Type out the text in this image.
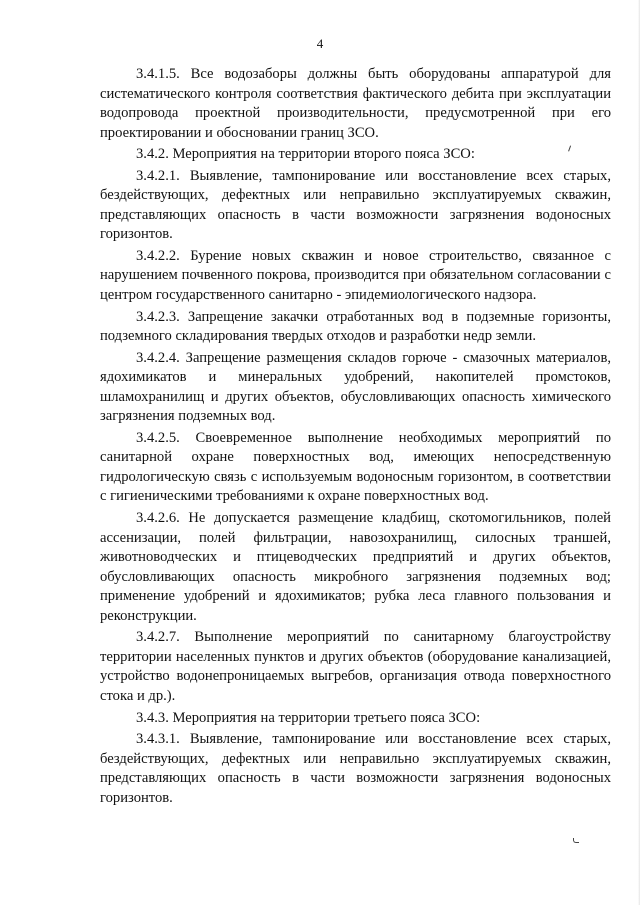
4

3.4.1.5. Все водозаборы должны быть оборудованы аппаратурой для систематического контроля соответствия фактического дебита при эксплуатации водопровода проектной производительности, предусмотренной при его проектировании и обосновании границ ЗСО.

3.4.2. Мероприятия на территории второго пояса ЗСО:

3.4.2.1. Выявление, тампонирование или восстановление всех старых, бездействующих, дефектных или неправильно эксплуатируемых скважин, представляющих опасность в части возможности загрязнения водоносных горизонтов.

3.4.2.2. Бурение новых скважин и новое строительство, связанное с нарушением почвенного покрова, производится при обязательном согласовании с центром государственного санитарно - эпидемиологического надзора.

3.4.2.3. Запрещение закачки отработанных вод в подземные горизонты, подземного складирования твердых отходов и разработки недр земли.

3.4.2.4. Запрещение размещения складов горюче - смазочных материалов, ядохимикатов и минеральных удобрений, накопителей промстоков, шламохранилищ и других объектов, обусловливающих опасность химического загрязнения подземных вод.

3.4.2.5. Своевременное выполнение необходимых мероприятий по санитарной охране поверхностных вод, имеющих непосредственную гидрологическую связь с используемым водоносным горизонтом, в соответствии с гигиеническими требованиями к охране поверхностных вод.

3.4.2.6. Не допускается размещение кладбищ, скотомогильников, полей ассенизации, полей фильтрации, навозохранилищ, силосных траншей, животноводческих и птицеводческих предприятий и других объектов, обусловливающих опасность микробного загрязнения подземных вод; применение удобрений и ядохимикатов; рубка леса главного пользования и реконструкции.

3.4.2.7. Выполнение мероприятий по санитарному благоустройству территории населенных пунктов и других объектов (оборудование канализацией, устройство водонепроницаемых выгребов, организация отвода поверхностного стока и др.).

3.4.3. Мероприятия на территории третьего пояса ЗСО:

3.4.3.1. Выявление, тампонирование или восстановление всех старых, бездействующих, дефектных или неправильно эксплуатируемых скважин, представляющих опасность в части возможности загрязнения водоносных горизонтов.
